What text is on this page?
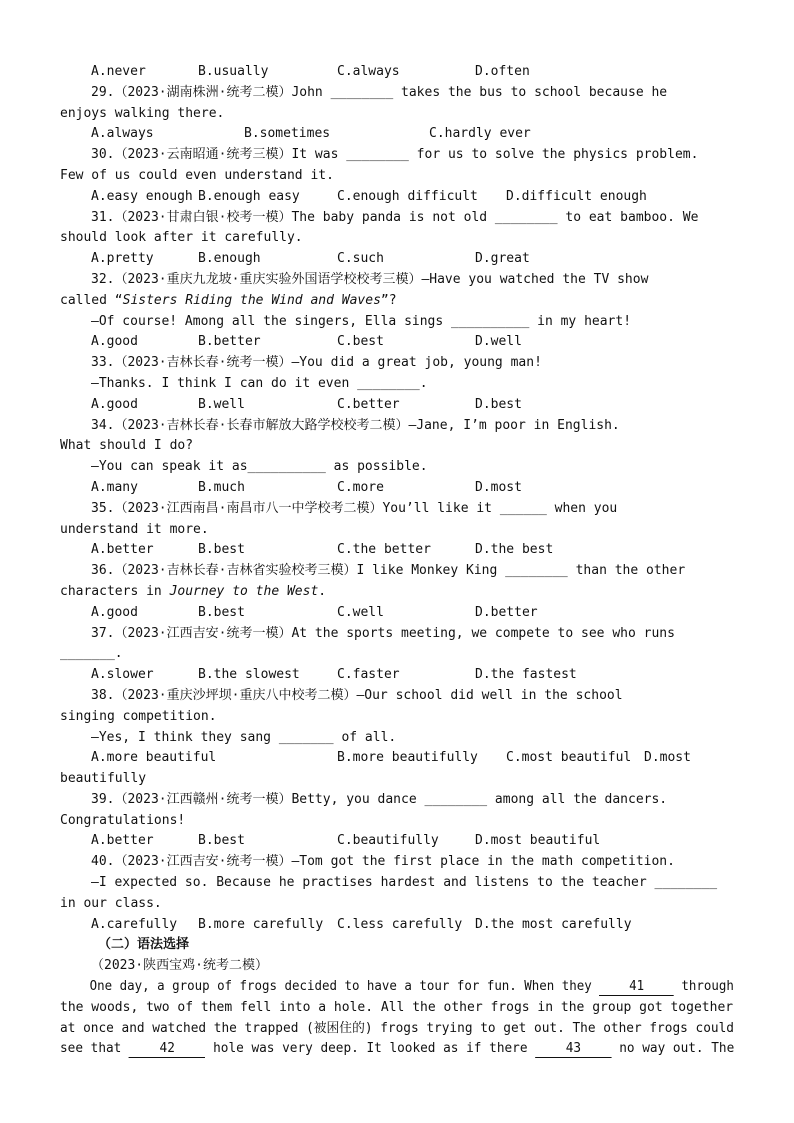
A.never

	B.usually

	C.always

	D.often

29.（2023·湖南株洲·统考二模）John ________ takes the bus to school because he
enjoys walking there.

A.always

	B.sometimes

	C.hardly ever

30.（2023·云南昭通·统考三模）It was ________ for us to solve the physics problem.
Few of us could even understand it.

A.easy enough

B.enough easy

	C.enough difficult

D.difficult enough

31.（2023·甘肃白银·校考一模）The baby panda is not old ________ to eat bamboo. We
should look after it carefully.

A.pretty

	B.enough

	C.such

	D.great

32.（2023·重庆九龙坡·重庆实验外国语学校校考三模）—Have you watched the TV show
called “Sisters Riding the Wind and Waves”?
—Of course! Among all the singers, Ella sings __________ in my heart!

A.good

	B.better

	C.best

	D.well

33.（2023·吉林长春·统考一模）—You did a great job, young man!
—Thanks. I think I can do it even ________.

A.good

	B.well

	C.better

	D.best

34.（2023·吉林长春·长春市解放大路学校校考二模）—Jane, I’m poor in English.
What should I do?
—You can speak it as__________ as possible.

A.many

	B.much

	C.more

	D.most

35.（2023·江西南昌·南昌市八一中学校考二模）You’ll like it ______ when you
understand it more.

A.better

	B.best

	C.the better

	D.the best

36.（2023·吉林长春·吉林省实验校考三模）I like Monkey King ________ than the other
characters in Journey to the West.

A.good

	B.best

	C.well

	D.better

37.（2023·江西吉安·统考一模）At the sports meeting, we compete to see who runs
_______.

A.slower

	B.the slowest

	C.faster

	D.the fastest

38.（2023·重庆沙坪坝·重庆八中校考二模）—Our school did well in the school
singing competition.
—Yes, I think they sang _______ of all.

A.more beautiful

	B.more beautifully

C.most beautiful

D.most

beautifully
39.（2023·江西赣州·统考一模）Betty, you dance ________ among all the dancers.
Congratulations!

A.better

	B.best

	C.beautifully

	D.most beautiful

40.（2023·江西吉安·统考一模）—Tom got the first place in the math competition.
—I expected so. Because he practises hardest and listens to the teacher ________
in our class.

A.carefully

B.more carefully

C.less carefully

D.the most carefully

（二）语法选择
（2023·陕西宝鸡·统考二模）
One day, a group of frogs decided to have a tour for fun. When they 41 through
the woods, two of them fell into a hole. All the other frogs in the group got together
at once and watched the trapped (被困住的) frogs trying to get out. The other frogs could
see that 42 hole was very deep. It looked as if there 43 no way out. The
